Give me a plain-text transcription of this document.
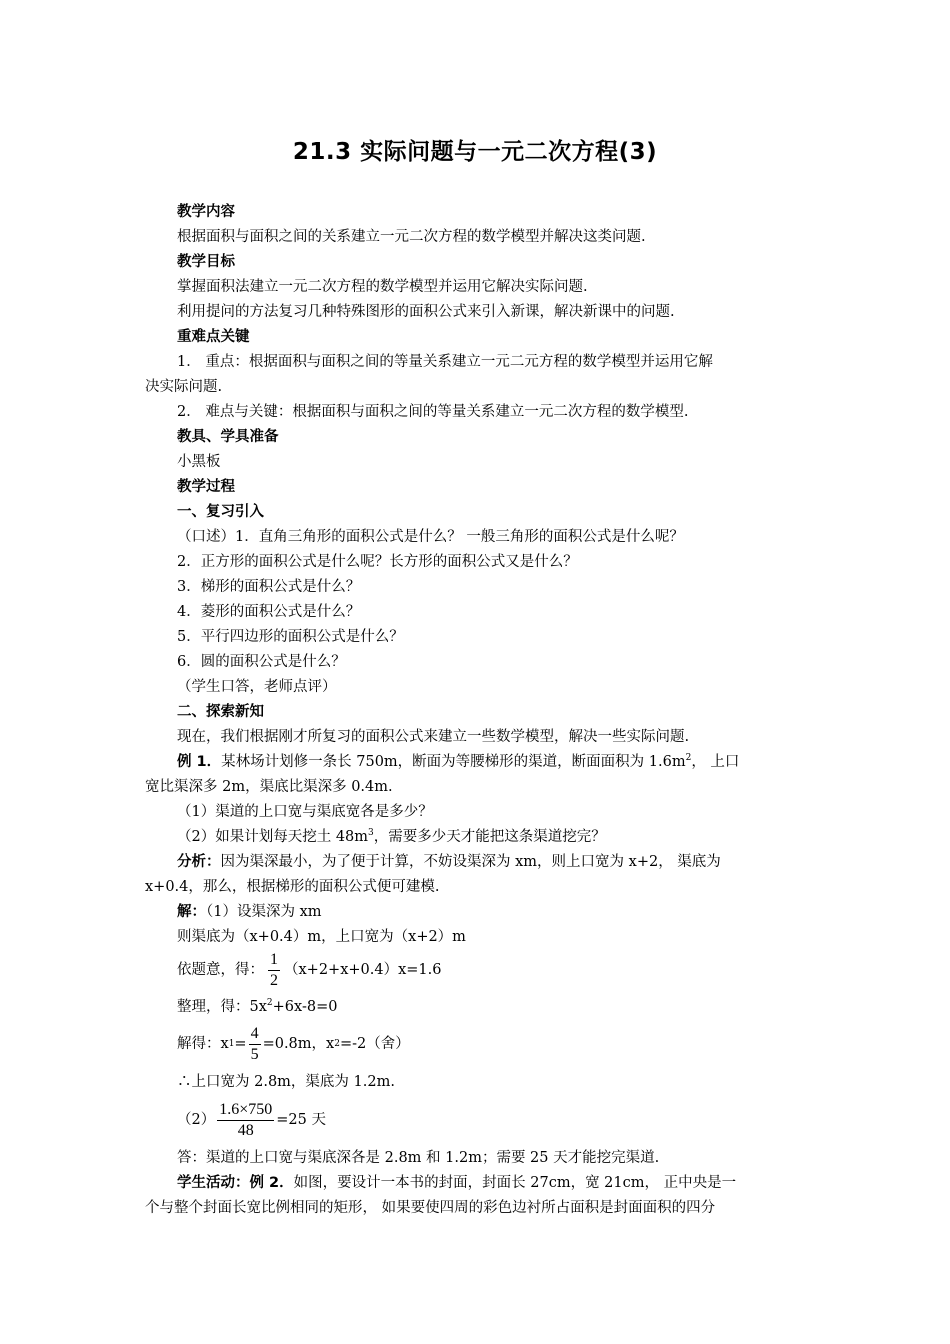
21.3 实际问题与一元二次方程(3)
教学内容
根据面积与面积之间的关系建立一元二次方程的数学模型并解决这类问题.
教学目标
掌握面积法建立一元二次方程的数学模型并运用它解决实际问题.
利用提问的方法复习几种特殊图形的面积公式来引入新课，解决新课中的问题.
重难点关键
1． 重点：根据面积与面积之间的等量关系建立一元二元方程的数学模型并运用它解
决实际问题.
2． 难点与关键：根据面积与面积之间的等量关系建立一元二次方程的数学模型.
教具、学具准备
小黑板
教学过程
一、复习引入
（口述）1．直角三角形的面积公式是什么？ 一般三角形的面积公式是什么呢？
2．正方形的面积公式是什么呢？长方形的面积公式又是什么？
3．梯形的面积公式是什么？
4．菱形的面积公式是什么？
5．平行四边形的面积公式是什么？
6．圆的面积公式是什么？
（学生口答，老师点评）
二、探索新知
现在，我们根据刚才所复习的面积公式来建立一些数学模型，解决一些实际问题.
例 1．某林场计划修一条长 750m，断面为等腰梯形的渠道，断面面积为 $1.6m^2$， 上口
宽比渠深多 2m，渠底比渠深多 0.4m.
（1）渠道的上口宽与渠底宽各是多少？
（2）如果计划每天挖土 $48m^3$，需要多少天才能把这条渠道挖完？
分析：因为渠深最小，为了便于计算，不妨设渠深为 xm，则上口宽为 x+2， 渠底为
x+0.4，那么，根据梯形的面积公式便可建模.
解：（1）设渠深为 xm
则渠底为（x+0.4）m，上口宽为（x+2）m
依题意，得： $\frac{1}{2} (x+2+x+0.4)x=1.6$
整理，得：$5x^2+6x-8=0$
解得：x $1 = \frac{4}{5} =0.8m$，x 2 =-2（舍）
∴上口宽为 2.8m，渠底为 1.2m.
$(2) \frac{1.6\times 750}{48} =25$ 天
答：渠道的上口宽与渠底深各是 2.8m 和 1.2m；需要 25 天才能挖完渠道.
学生活动：例 2．如图，要设计一本书的封面，封面长 27cm，宽 21cm， 正中央是一
个与整个封面长宽比例相同的矩形， 如果要使四周的彩色边衬所占面积是封面面积的四分
